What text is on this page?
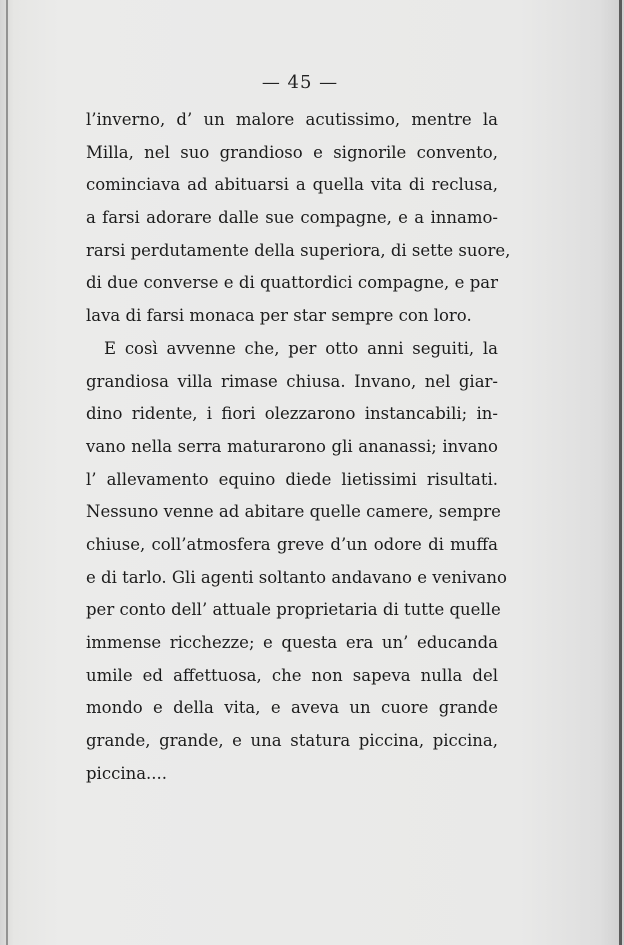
— 45 —
l’inverno, d’ un malore acutissimo, mentre la
Milla, nel suo grandioso e signorile convento,
cominciava ad abituarsi a quella vita di reclusa,
a farsi adorare dalle sue compagne, e a innamo-
rarsi perdutamente della superiora, di sette suore,
di due converse e di quattordici compagne, e par
lava di farsi monaca per star sempre con loro.
E così avvenne che, per otto anni seguiti, la
grandiosa villa rimase chiusa. Invano, nel giar-
dino ridente, i fiori olezzarono instancabili; in-
vano nella serra maturarono gli ananassi; invano
l’ allevamento equino diede lietissimi risultati.
Nessuno venne ad abitare quelle camere, sempre
chiuse, coll’atmosfera greve d’un odore di muffa
e di tarlo. Gli agenti soltanto andavano e venivano
per conto dell’ attuale proprietaria di tutte quelle
immense ricchezze; e questa era un’ educanda
umile ed affettuosa, che non sapeva nulla del
mondo e della vita, e aveva un cuore grande
grande, grande, e una statura piccina, piccina,
piccina....
